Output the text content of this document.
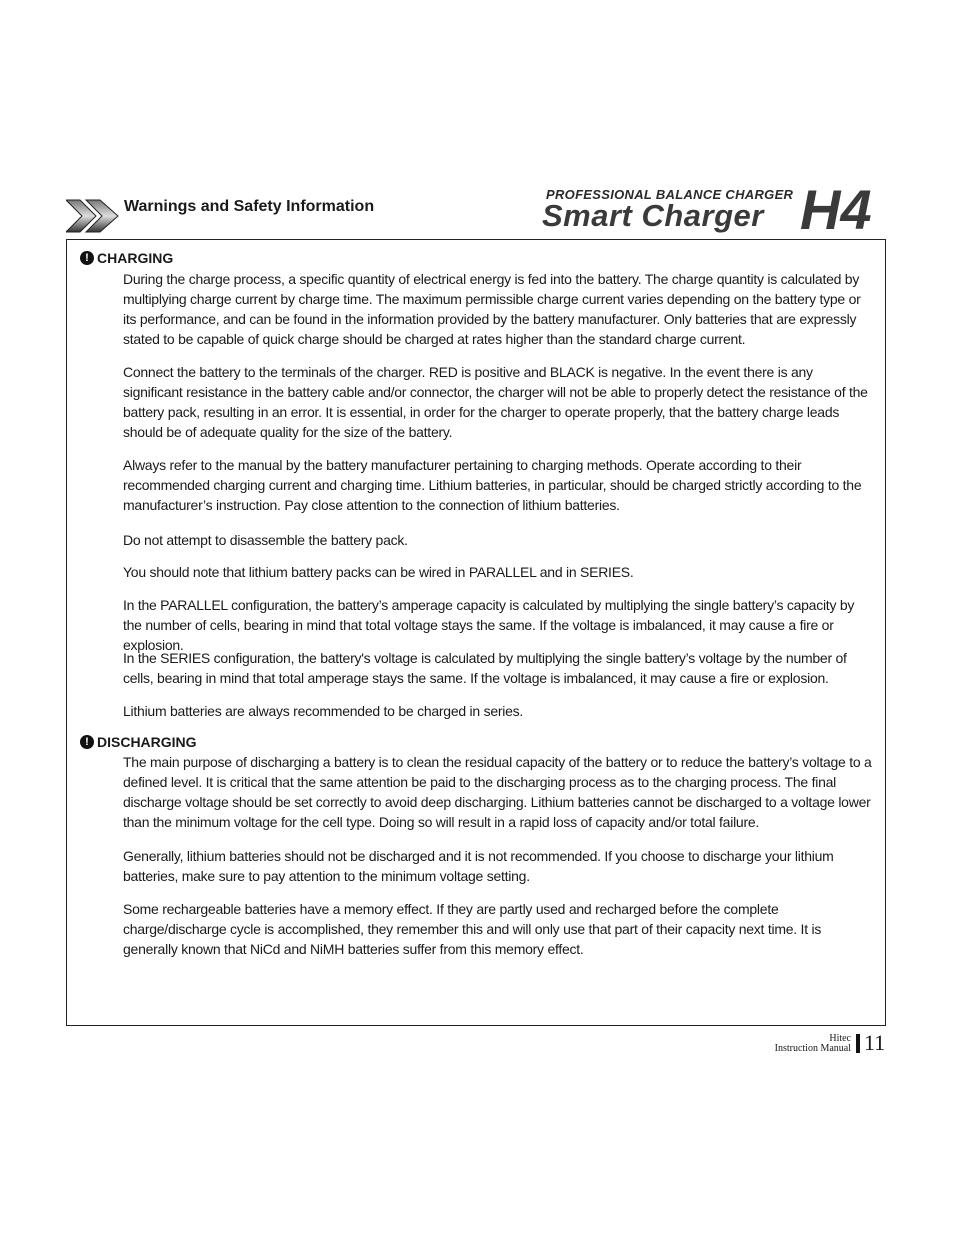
Warnings and Safety Information
PROFESSIONAL BALANCE CHARGER
Smart Charger H4
! CHARGING

During the charge process, a specific quantity of electrical energy is fed into the battery. The charge quantity is calculated by multiplying charge current by charge time. The maximum permissible charge current varies depending on the battery type or its performance, and can be found in the information provided by the battery manufacturer. Only batteries that are expressly stated to be capable of quick charge should be charged at rates higher than the standard charge current.

Connect the battery to the terminals of the charger. RED is positive and BLACK is negative. In the event there is any significant resistance in the battery cable and/or connector, the charger will not be able to properly detect the resistance of the battery pack, resulting in an error. It is essential, in order for the charger to operate properly, that the battery charge leads should be of adequate quality for the size of the battery.

Always refer to the manual by the battery manufacturer pertaining to charging methods. Operate according to their recommended charging current and charging time. Lithium batteries, in particular, should be charged strictly according to the manufacturer’s instruction. Pay close attention to the connection of lithium batteries.

Do not attempt to disassemble the battery pack.

You should note that lithium battery packs can be wired in PARALLEL and in SERIES.

In the PARALLEL configuration, the battery’s amperage capacity is calculated by multiplying the single battery’s capacity by the number of cells, bearing in mind that total voltage stays the same. If the voltage is imbalanced, it may cause a fire or explosion.

In the SERIES configuration, the battery's voltage is calculated by multiplying the single battery’s voltage by the number of cells, bearing in mind that total amperage stays the same. If the voltage is imbalanced, it may cause a fire or explosion.

Lithium batteries are always recommended to be charged in series.

! DISCHARGING

The main purpose of discharging a battery is to clean the residual capacity of the battery or to reduce the battery’s voltage to a defined level. It is critical that the same attention be paid to the discharging process as to the charging process. The final discharge voltage should be set correctly to avoid deep discharging. Lithium batteries cannot be discharged to a voltage lower than the minimum voltage for the cell type. Doing so will result in a rapid loss of capacity and/or total failure.

Generally, lithium batteries should not be discharged and it is not recommended. If you choose to discharge your lithium batteries, make sure to pay attention to the minimum voltage setting.

Some rechargeable batteries have a memory effect. If they are partly used and recharged before the complete charge/discharge cycle is accomplished, they remember this and will only use that part of their capacity next time. It is generally known that NiCd and NiMH batteries suffer from this memory effect.

Hitec
Instruction Manual 11
